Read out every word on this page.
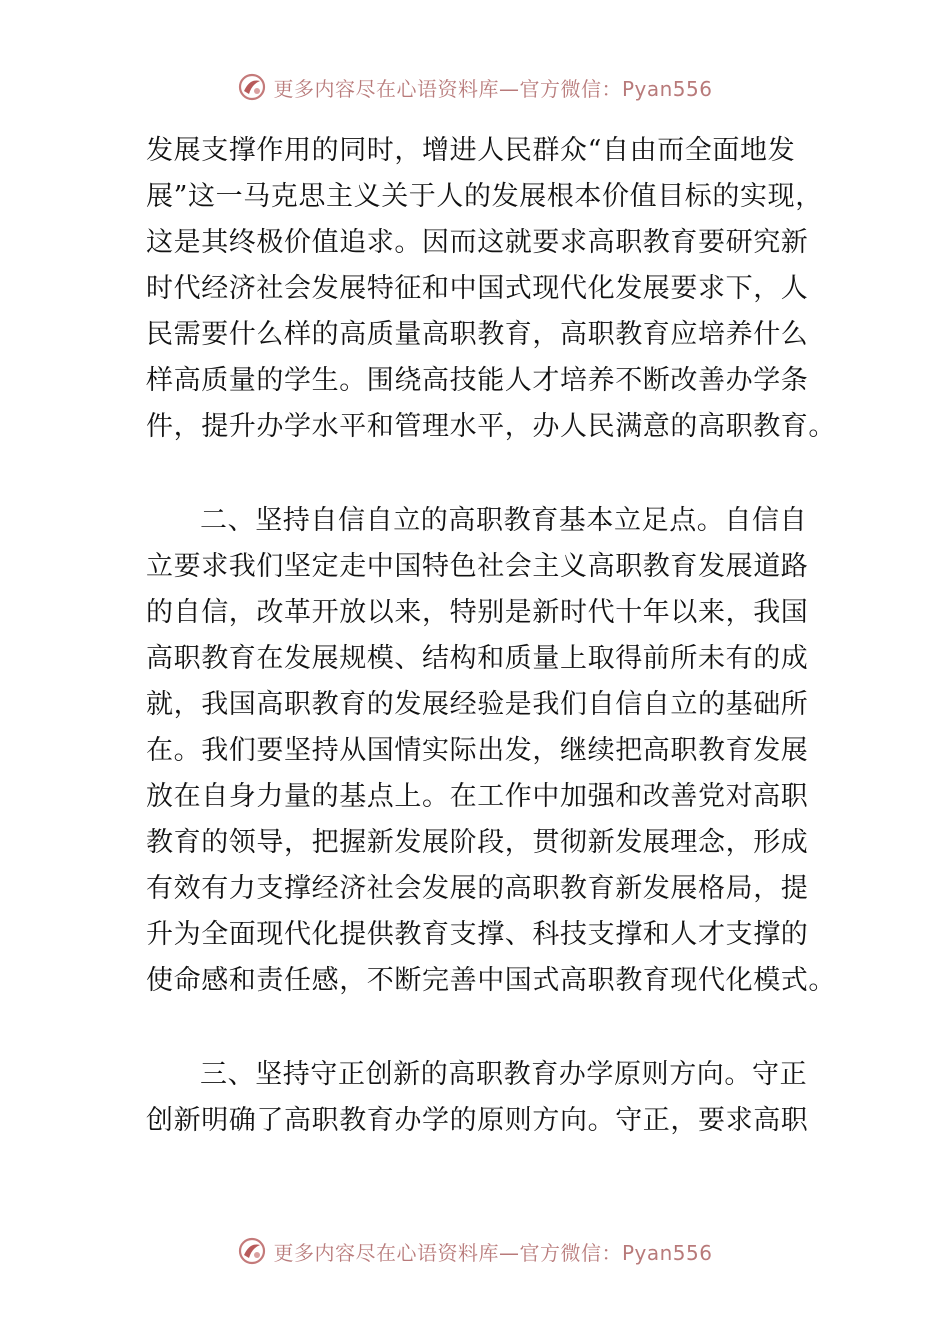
更多内容尽在心语资料库—官方微信：Pyan556
发展支撑作用的同时，增进人民群众“自由而全面地发
展”这一马克思主义关于人的发展根本价值目标的实现，
这是其终极价值追求。因而这就要求高职教育要研究新
时代经济社会发展特征和中国式现代化发展要求下，人
民需要什么样的高质量高职教育，高职教育应培养什么
样高质量的学生。围绕高技能人才培养不断改善办学条
件，提升办学水平和管理水平，办人民满意的高职教育。
二、坚持自信自立的高职教育基本立足点。自信自
立要求我们坚定走中国特色社会主义高职教育发展道路
的自信，改革开放以来，特别是新时代十年以来，我国
高职教育在发展规模、结构和质量上取得前所未有的成
就，我国高职教育的发展经验是我们自信自立的基础所
在。我们要坚持从国情实际出发，继续把高职教育发展
放在自身力量的基点上。在工作中加强和改善党对高职
教育的领导，把握新发展阶段，贯彻新发展理念，形成
有效有力支撑经济社会发展的高职教育新发展格局，提
升为全面现代化提供教育支撑、科技支撑和人才支撑的
使命感和责任感，不断完善中国式高职教育现代化模式。
三、坚持守正创新的高职教育办学原则方向。守正
创新明确了高职教育办学的原则方向。守正，要求高职
更多内容尽在心语资料库—官方微信：Pyan556
